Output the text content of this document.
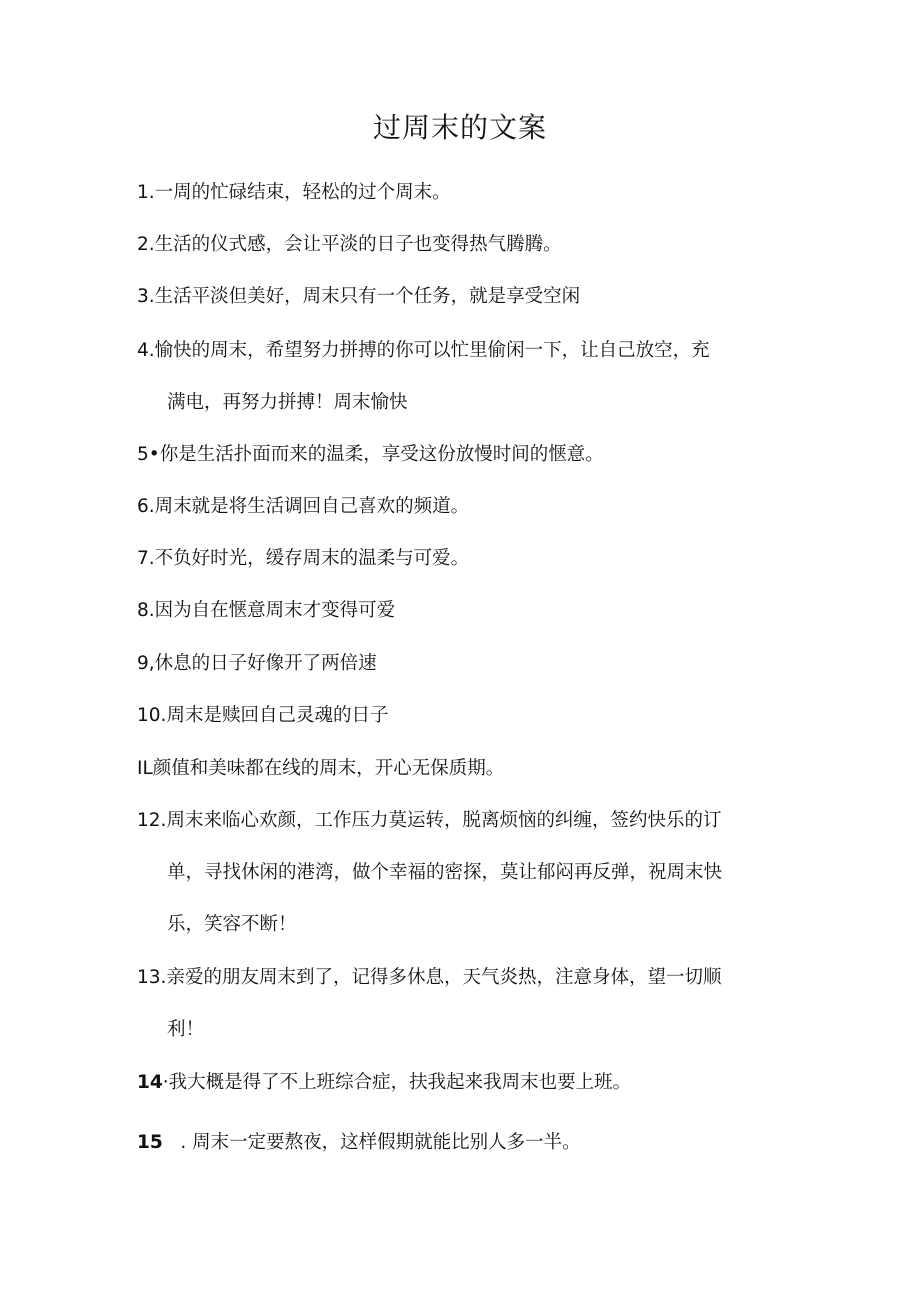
过周末的文案
1.一周的忙碌结束，轻松的过个周末。
2.生活的仪式感，会让平淡的日子也变得热气腾腾。
3.生活平淡但美好，周末只有一个任务，就是享受空闲
4.愉快的周末，希望努力拼搏的你可以忙里偷闲一下，让自己放空，充
满电，再努力拼搏！周末愉快
5•你是生活扑面而来的温柔，享受这份放慢时间的惬意。
6.周末就是将生活调回自己喜欢的频道。
7.不负好时光，缓存周末的温柔与可爱。
8.因为自在惬意周末才变得可爱
9,休息的日子好像开了两倍速
10.周末是赎回自己灵魂的日子
IL颜值和美味都在线的周末，开心无保质期。
12.周末来临心欢颜，工作压力莫运转，脱离烦恼的纠缠，签约快乐的订
单，寻找休闲的港湾，做个幸福的密探，莫让郁闷再反弹，祝周末快
乐，笑容不断！
13.亲爱的朋友周末到了，记得多休息，天气炎热，注意身体，望一切顺
利！
14·我大概是得了不上班综合症，扶我起来我周末也要上班。
15   . 周末一定要熬夜，这样假期就能比别人多一半。
